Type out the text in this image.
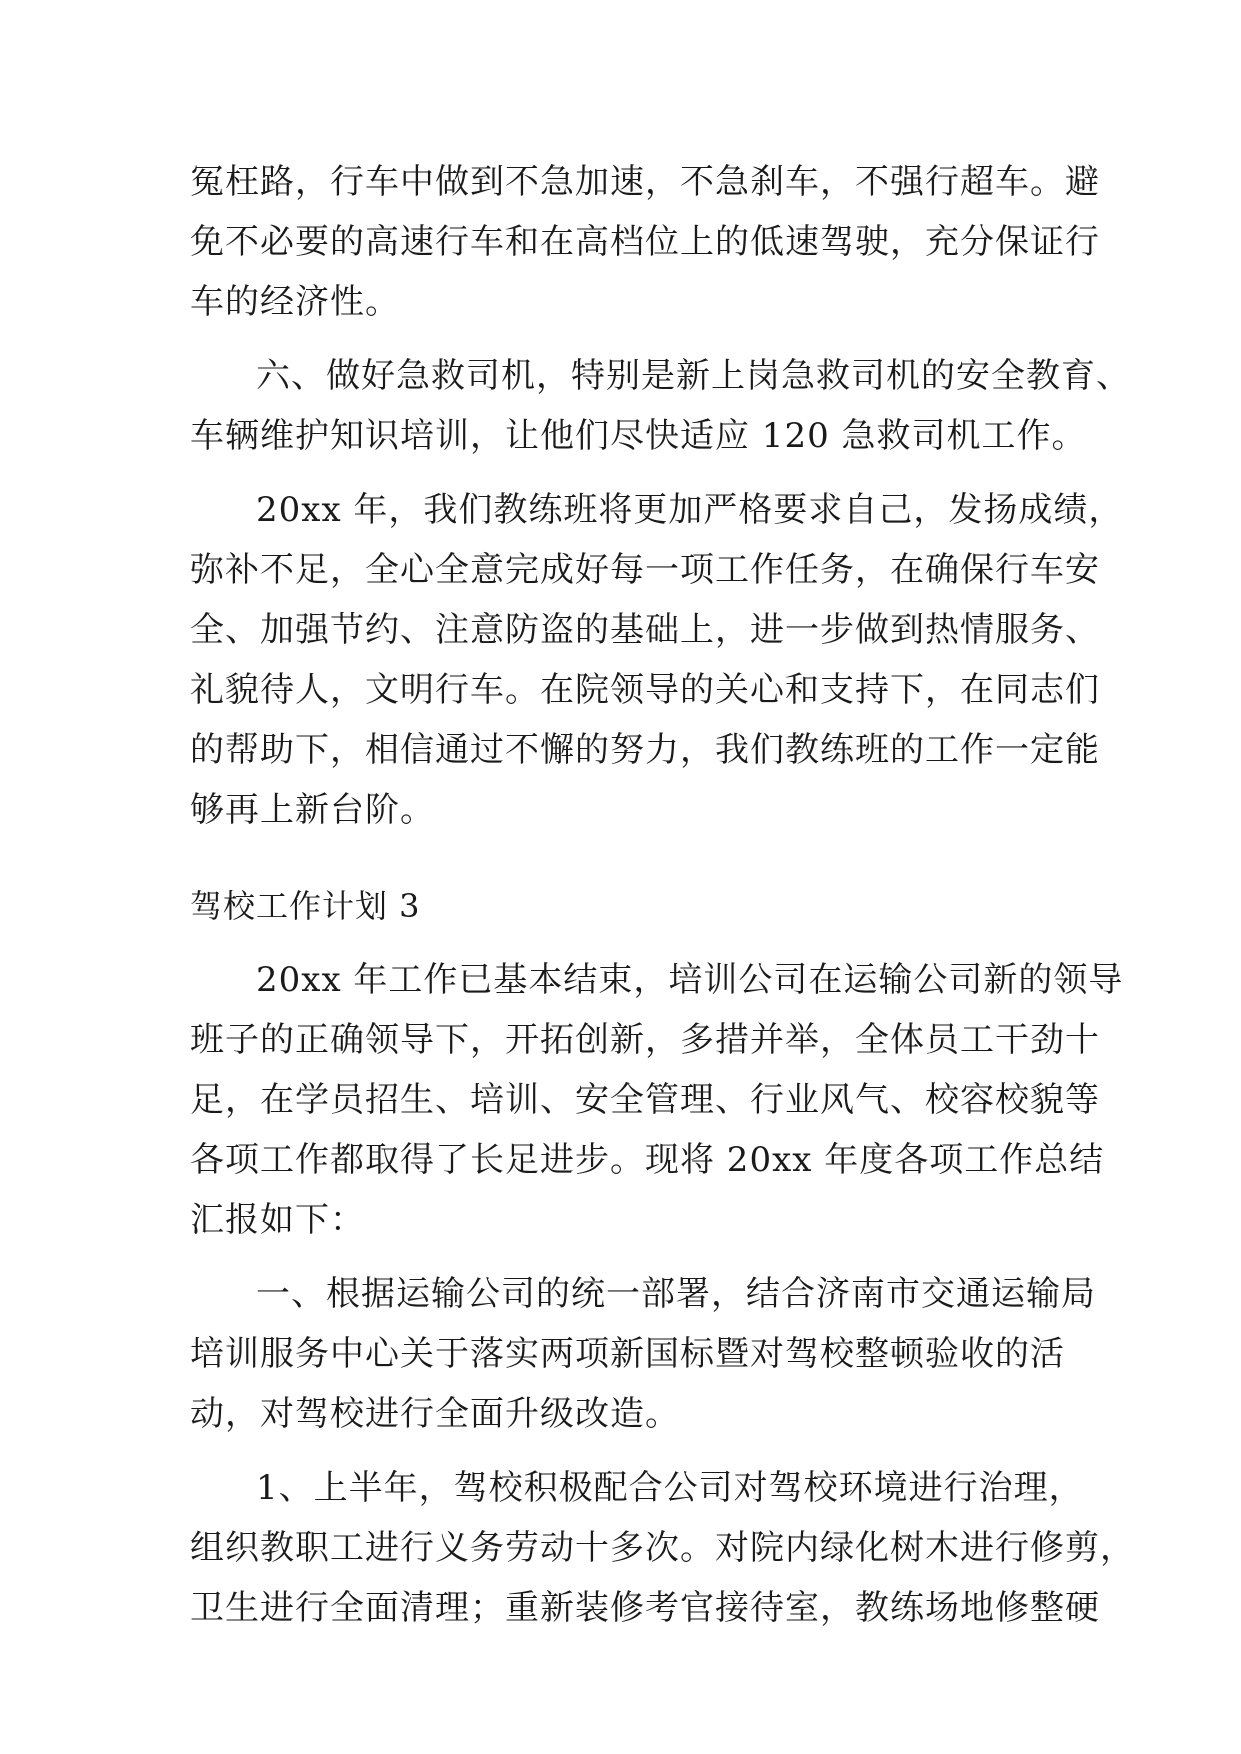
冤枉路，行车中做到不急加速，不急刹车，不强行超车。避
免不必要的高速行车和在高档位上的低速驾驶，充分保证行
车的经济性。
六、做好急救司机，特别是新上岗急救司机的安全教育、
车辆维护知识培训，让他们尽快适应 120 急救司机工作。
20xx 年，我们教练班将更加严格要求自己，发扬成绩，
弥补不足，全心全意完成好每一项工作任务，在确保行车安
全、加强节约、注意防盗的基础上，进一步做到热情服务、
礼貌待人，文明行车。在院领导的关心和支持下，在同志们
的帮助下，相信通过不懈的努力，我们教练班的工作一定能
够再上新台阶。
驾校工作计划 3
20xx 年工作已基本结束，培训公司在运输公司新的领导
班子的正确领导下，开拓创新，多措并举，全体员工干劲十
足，在学员招生、培训、安全管理、行业风气、校容校貌等
各项工作都取得了长足进步。现将 20xx 年度各项工作总结
汇报如下：
一、根据运输公司的统一部署，结合济南市交通运输局
培训服务中心关于落实两项新国标暨对驾校整顿验收的活
动，对驾校进行全面升级改造。
1、上半年，驾校积极配合公司对驾校环境进行治理，
组织教职工进行义务劳动十多次。对院内绿化树木进行修剪，
卫生进行全面清理；重新装修考官接待室，教练场地修整硬
